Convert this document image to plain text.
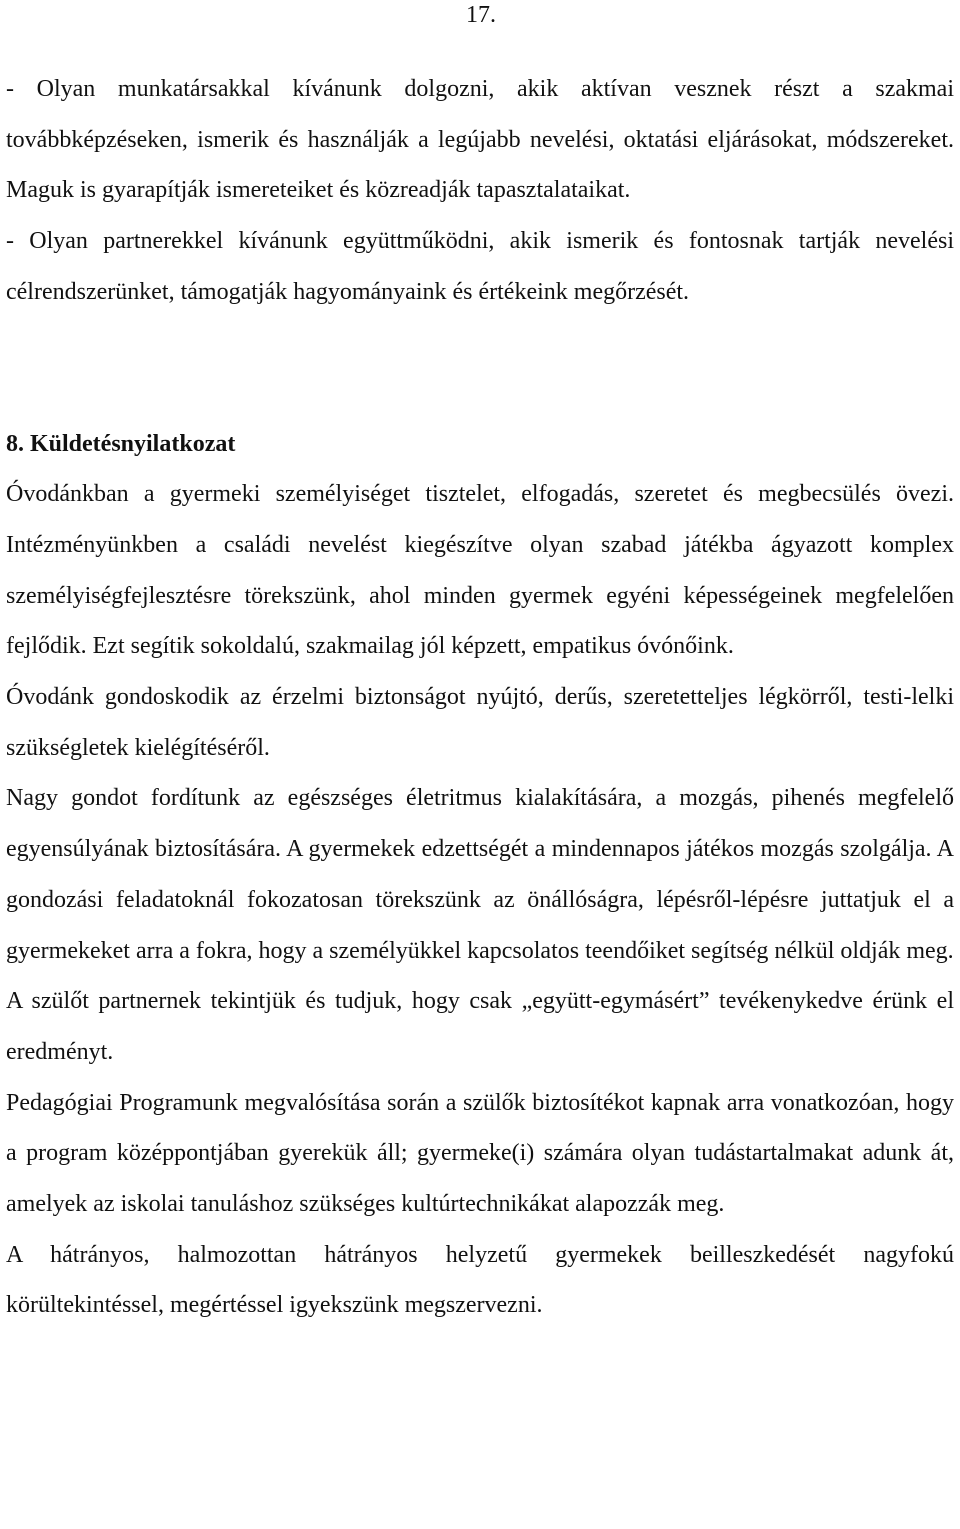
17.

- Olyan munkatársakkal kívánunk dolgozni, akik aktívan vesznek részt a szakmai továbbképzéseken, ismerik és használják a legújabb nevelési, oktatási eljárásokat, módszereket. Maguk is gyarapítják ismereteiket és közreadják tapasztalataikat.

- Olyan partnerekkel kívánunk együttműködni, akik ismerik és fontosnak tartják nevelési célrendszerünket, támogatják hagyományaink és értékeink megőrzését.

8. Küldetésnyilatkozat

Óvodánkban a gyermeki személyiséget tisztelet, elfogadás, szeretet és megbecsülés övezi. Intézményünkben a családi nevelést kiegészítve olyan szabad játékba ágyazott komplex személyiségfejlesztésre törekszünk, ahol minden gyermek egyéni képességeinek megfelelően fejlődik. Ezt segítik sokoldalú, szakmailag jól képzett, empatikus óvónőink.

Óvodánk gondoskodik az érzelmi biztonságot nyújtó, derűs, szeretetteljes légkörről, testi-lelki szükségletek kielégítéséről.

Nagy gondot fordítunk az egészséges életritmus kialakítására, a mozgás, pihenés megfelelő egyensúlyának biztosítására. A gyermekek edzettségét a mindennapos játékos mozgás szolgálja. A gondozási feladatoknál fokozatosan törekszünk az önállóságra, lépésről-lépésre juttatjuk el a gyermekeket arra a fokra, hogy a személyükkel kapcsolatos teendőiket segítség nélkül oldják meg.

A szülőt partnernek tekintjük és tudjuk, hogy csak „együtt-egymásért” tevékenykedve érünk el eredményt.

Pedagógiai Programunk megvalósítása során a szülők biztosítékot kapnak arra vonatkozóan, hogy a program középpontjában gyerekük áll; gyermeke(i) számára olyan tudástartalmakat adunk át, amelyek az iskolai tanuláshoz szükséges kultúrtechnikákat alapozzák meg.

A hátrányos, halmozottan hátrányos helyzetű gyermekek beilleszkedését nagyfokú körültekintéssel, megértéssel igyekszünk megszervezni.
